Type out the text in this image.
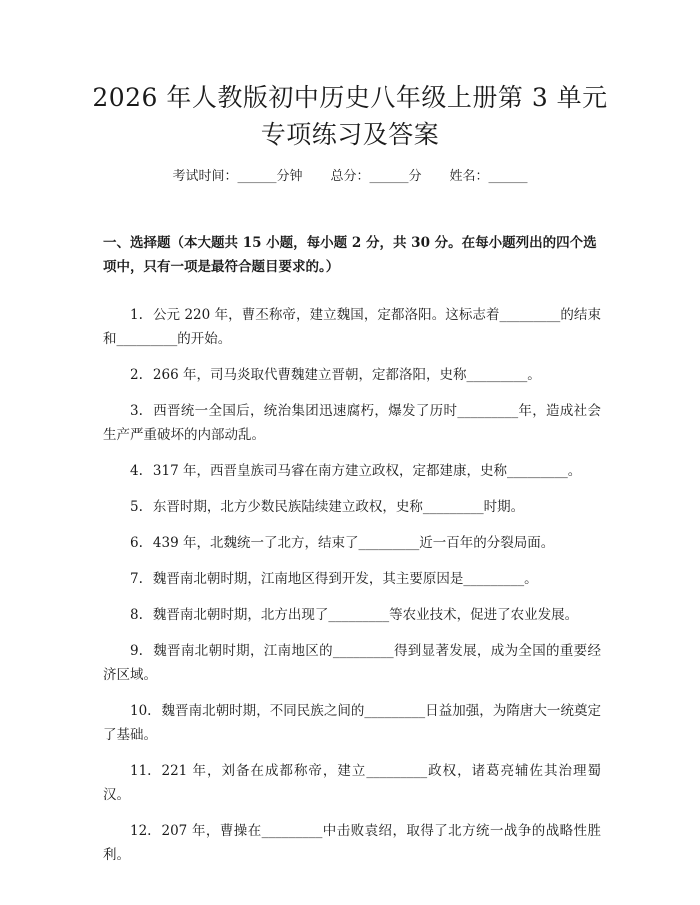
2026 年人教版初中历史八年级上册第 3 单元
专项练习及答案
考试时间：______分钟 总分：______分 姓名：______
一、选择题（本大题共 15 小题，每小题 2 分，共 30 分。在每小题列出的四个选项中，只有一项是最符合题目要求的。）
1. 公元 220 年，曹丕称帝，建立魏国，定都洛阳。这标志着_________的结束和_________的开始。
2. 266 年，司马炎取代曹魏建立晋朝，定都洛阳，史称_________。
3. 西晋统一全国后，统治集团迅速腐朽，爆发了历时_________年，造成社会生产严重破坏的内部动乱。
4. 317 年，西晋皇族司马睿在南方建立政权，定都建康，史称_________。
5. 东晋时期，北方少数民族陆续建立政权，史称_________时期。
6. 439 年，北魏统一了北方，结束了_________近一百年的分裂局面。
7. 魏晋南北朝时期，江南地区得到开发，其主要原因是_________。
8. 魏晋南北朝时期，北方出现了_________等农业技术，促进了农业发展。
9. 魏晋南北朝时期，江南地区的_________得到显著发展，成为全国的重要经济区域。
10. 魏晋南北朝时期，不同民族之间的_________日益加强，为隋唐大一统奠定了基础。
11. 221 年，刘备在成都称帝，建立_________政权，诸葛亮辅佐其治理蜀汉。
12. 207 年，曹操在_________中击败袁绍，取得了北方统一战争的战略性胜利。
